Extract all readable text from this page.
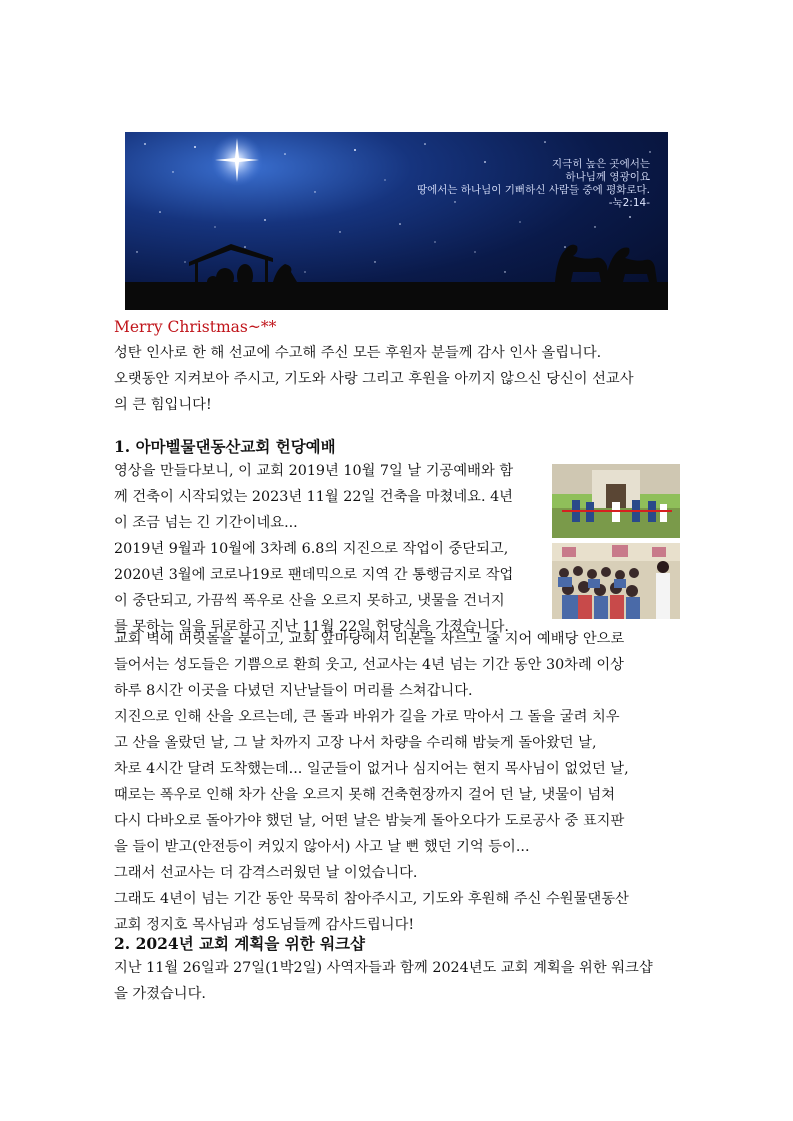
지극히 높은 곳에서는
하나님께 영광이요
땅에서는 하나님이 기뻐하신 사람들 중에 평화로다.
-눅2:14-
Merry Christmas~**
성탄 인사로 한 해 선교에 수고해 주신 모든 후원자 분들께 감사 인사 올립니다.
오랫동안 지켜보아 주시고, 기도와 사랑 그리고 후원을 아끼지 않으신 당신이 선교사
의 큰 힘입니다!
1. 아마벨물댄동산교회 헌당예배
영상을 만들다보니, 이 교회 2019년 10월 7일 날 기공예배와 함
께 건축이 시작되었는 2023년 11월 22일 건축을 마쳤네요. 4년
이 조금 넘는 긴 기간이네요...
2019년 9월과 10월에 3차례 6.8의 지진으로 작업이 중단되고,
2020년 3월에 코로나19로 팬데믹으로 지역 간 통행금지로 작업
이 중단되고, 가끔씩 폭우로 산을 오르지 못하고, 냇물을 건너지
를 못하는 일을 뒤로하고 지난 11월 22일 헌당식을 가졌습니다.
교회 벽에 머릿돌을 붙이고, 교회 앞마당에서 리본을 자르고 줄 지어 예배당 안으로
들어서는 성도들은 기쁨으로 환희 웃고, 선교사는 4년 넘는 기간 동안 30차례 이상
하루 8시간 이곳을 다녔던 지난날들이 머리를 스쳐갑니다.
지진으로 인해 산을 오르는데, 큰 돌과 바위가 길을 가로 막아서 그 돌을 굴려 치우
고 산을 올랐던 날, 그 날 차까지 고장 나서 차량을 수리해 밤늦게 돌아왔던 날,
차로 4시간 달려 도착했는데... 일군들이 없거나 심지어는 현지 목사님이 없었던 날,
때로는 폭우로 인해 차가 산을 오르지 못해 건축현장까지 걸어 던 날, 냇물이 넘쳐
다시 다바오로 돌아가야 했던 날, 어떤 날은 밤늦게 돌아오다가 도로공사 중 표지판
을 들이 받고(안전등이 켜있지 않아서) 사고 날 뻔 했던 기억 등이...
그래서 선교사는 더 감격스러웠던 날 이었습니다.
그래도 4년이 넘는 기간 동안 묵묵히 참아주시고, 기도와 후원해 주신 수원물댄동산
교회 정지호 목사님과 성도님들께 감사드립니다!
2. 2024년 교회 계획을 위한 워크샵
지난 11월 26일과 27일(1박2일) 사역자들과 함께 2024년도 교회 계획을 위한 워크샵
을 가졌습니다.
